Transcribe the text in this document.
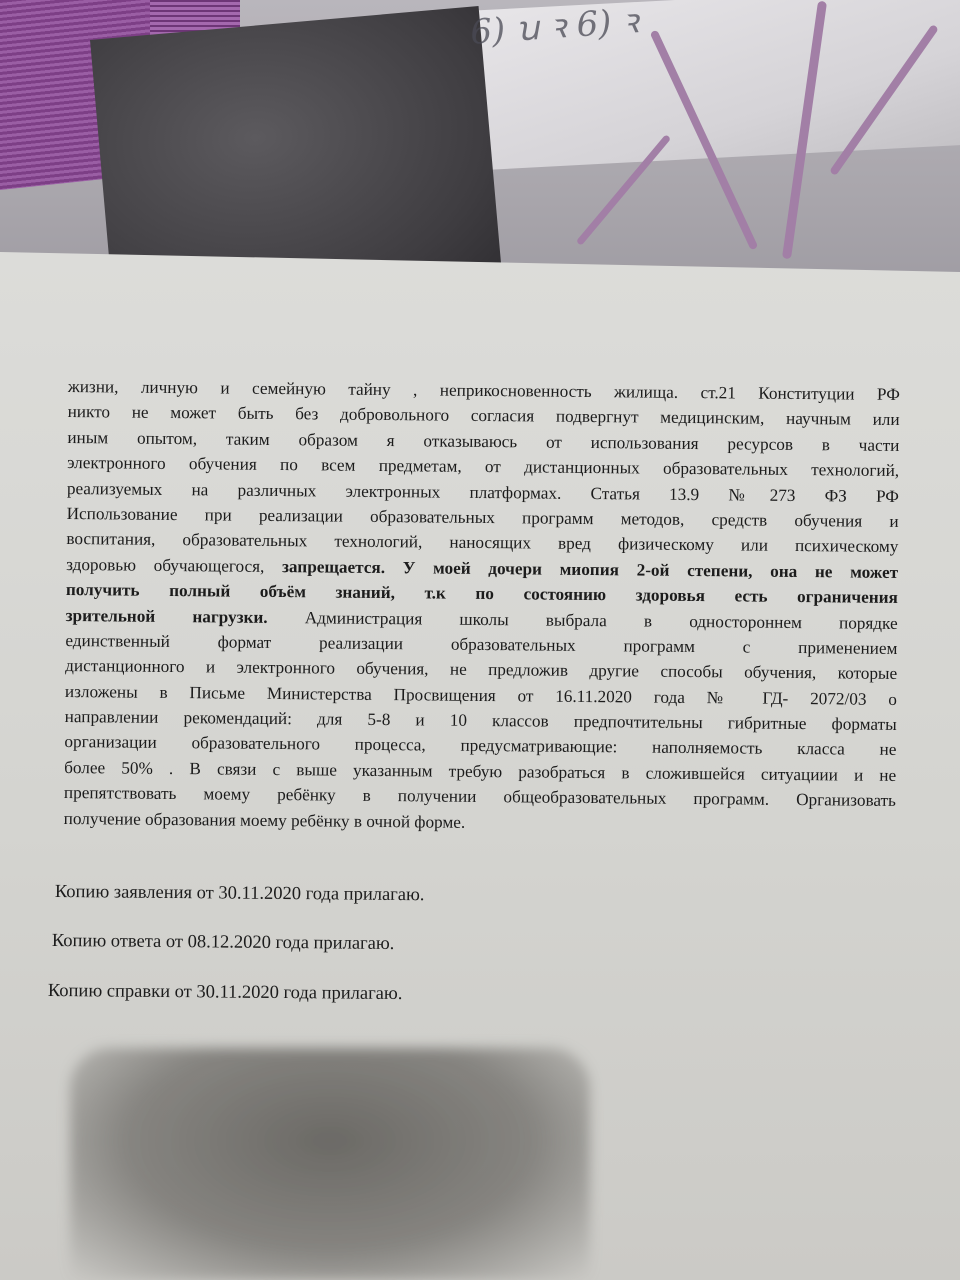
6) ꭒ ꝛ 6) ꝛ
жизни, личную и семейную тайну , неприкосновенность жилища. ст.21 Конституции РФ
никто не может быть без добровольного согласия подвергнут медицинским, научным или
иным опытом, таким образом я отказываюсь от использования ресурсов в части
электронного обучения по всем предметам, от дистанционных образовательных технологий,
реализуемых на различных электронных платформах. Статья 13.9 №273 ФЗ РФ
Использование при реализации образовательных программ методов, средств обучения и
воспитания, образовательных технологий, наносящих вред физическому или психическому
здоровью обучающегося, запрещается. У моей дочери миопия 2-ой степени, она не может
получить полный объём знаний, т.к по состоянию здоровья есть ограничения
зрительной нагрузки. Администрация школы выбрала в одностороннем порядке
единственный формат реализации образовательных программ с применением
дистанционного и электронного обучения, не предложив другие способы обучения, которые
изложены в Письме Министерства Просвищения от 16.11.2020 года № ГД- 2072/03 о
направлении рекомендаций: для 5-8 и 10 классов предпочтительны гибритные форматы
организации образовательного процесса, предусматривающие: наполняемость класса не
более 50% . В связи с выше указанным требую разобраться в сложившейся ситуациии и не
препятствовать моему ребёнку в получении общеобразовательных программ. Организовать
получение образования моему ребёнку в очной форме.
Копию заявления от 30.11.2020 года прилагаю.
Копию ответа от 08.12.2020 года прилагаю.
Копию справки от 30.11.2020 года прилагаю.
